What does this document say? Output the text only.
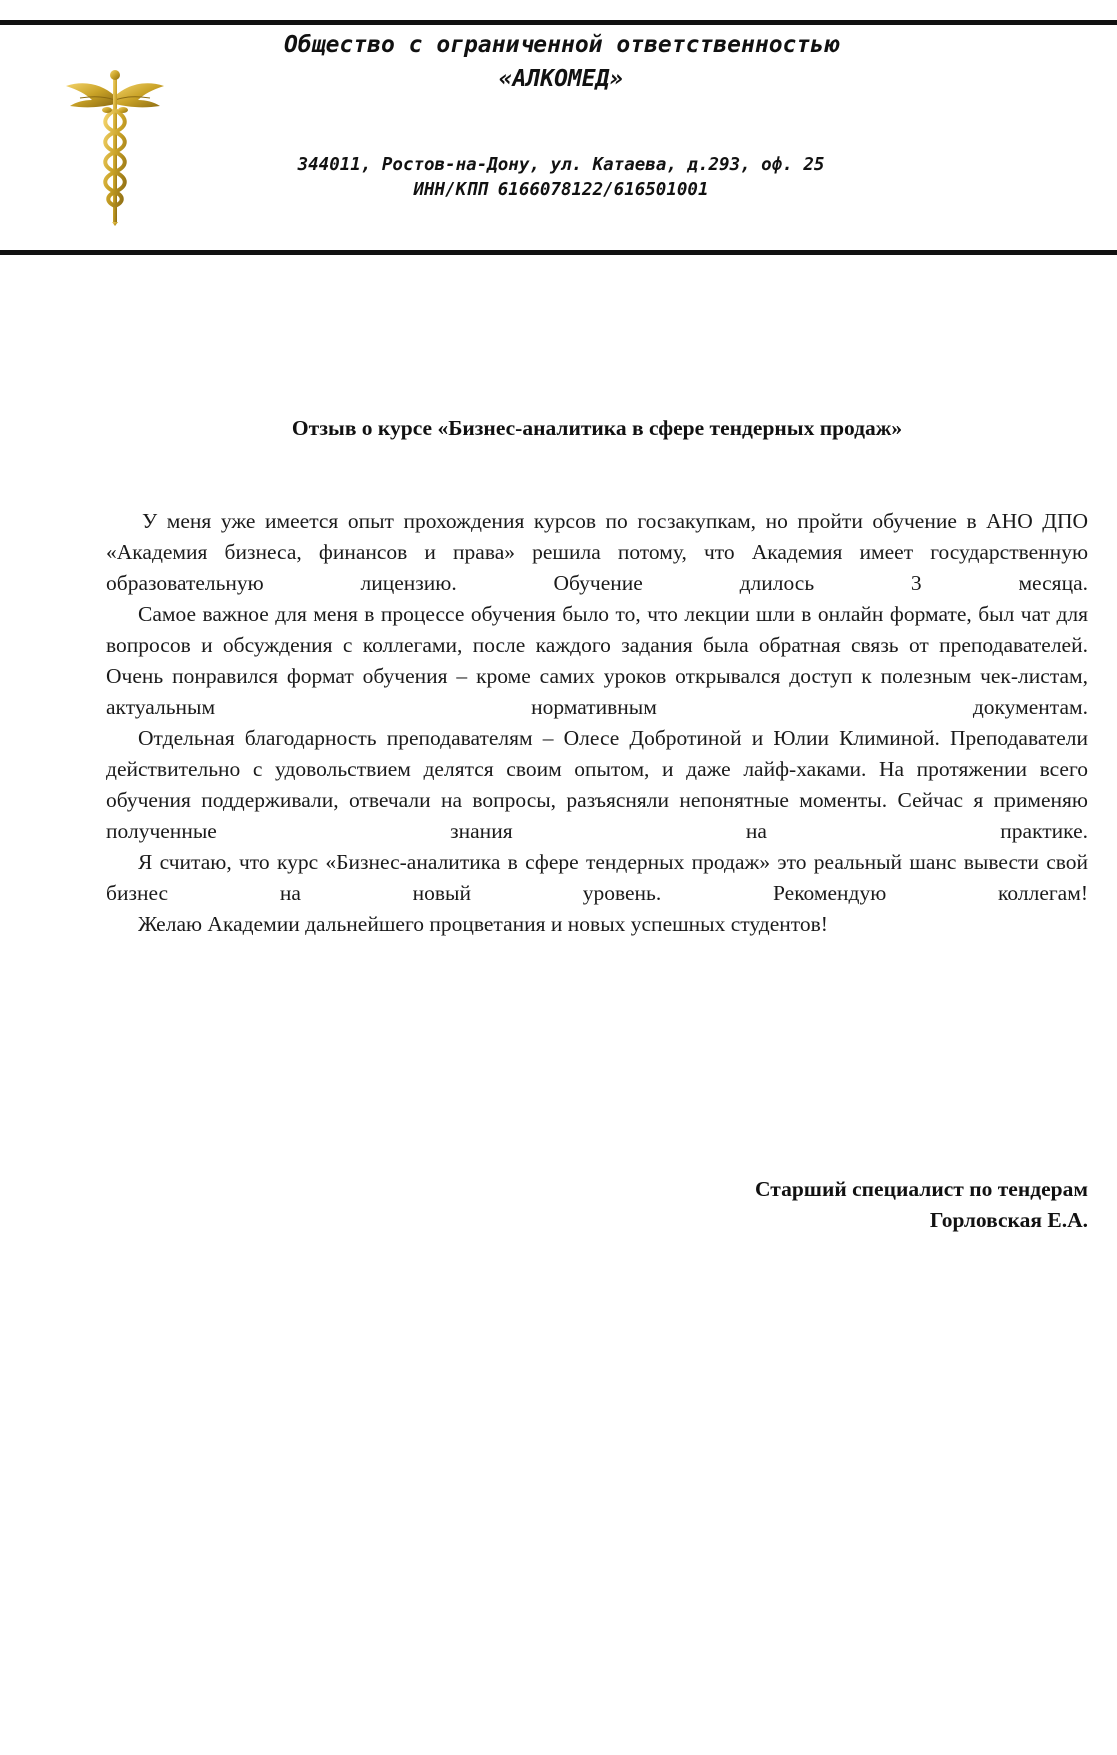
Общество с ограниченной ответственностью
«АЛКОМЕД»
344011, Ростов-на-Дону, ул. Катаева, д.293, оф. 25
ИНН/КПП 6166078122/616501001
Отзыв о курсе «Бизнес-аналитика в сфере тендерных продаж»

У меня уже имеется опыт прохождения курсов по госзакупкам, но пройти обучение в АНО ДПО «Академия бизнеса, финансов и права» решила потому, что Академия имеет государственную образовательную лицензию. Обучение длилось 3 месяца.

Самое важное для меня в процессе обучения было то, что лекции шли в онлайн формате, был чат для вопросов и обсуждения с коллегами, после каждого задания была обратная связь от преподавателей. Очень понравился формат обучения – кроме самих уроков открывался доступ к полезным чек-листам, актуальным нормативным документам.

Отдельная благодарность преподавателям – Олесе Добротиной и Юлии Климиной. Преподаватели действительно с удовольствием делятся своим опытом, и даже лайф-хаками. На протяжении всего обучения поддерживали, отвечали на вопросы, разъясняли непонятные моменты. Сейчас я применяю полученные знания на практике.

Я считаю, что курс «Бизнес-аналитика в сфере тендерных продаж» это реальный шанс вывести свой бизнес на новый уровень. Рекомендую коллегам!

Желаю Академии дальнейшего процветания и новых успешных студентов!

Старший специалист по тендерам
Горловская Е.А.
